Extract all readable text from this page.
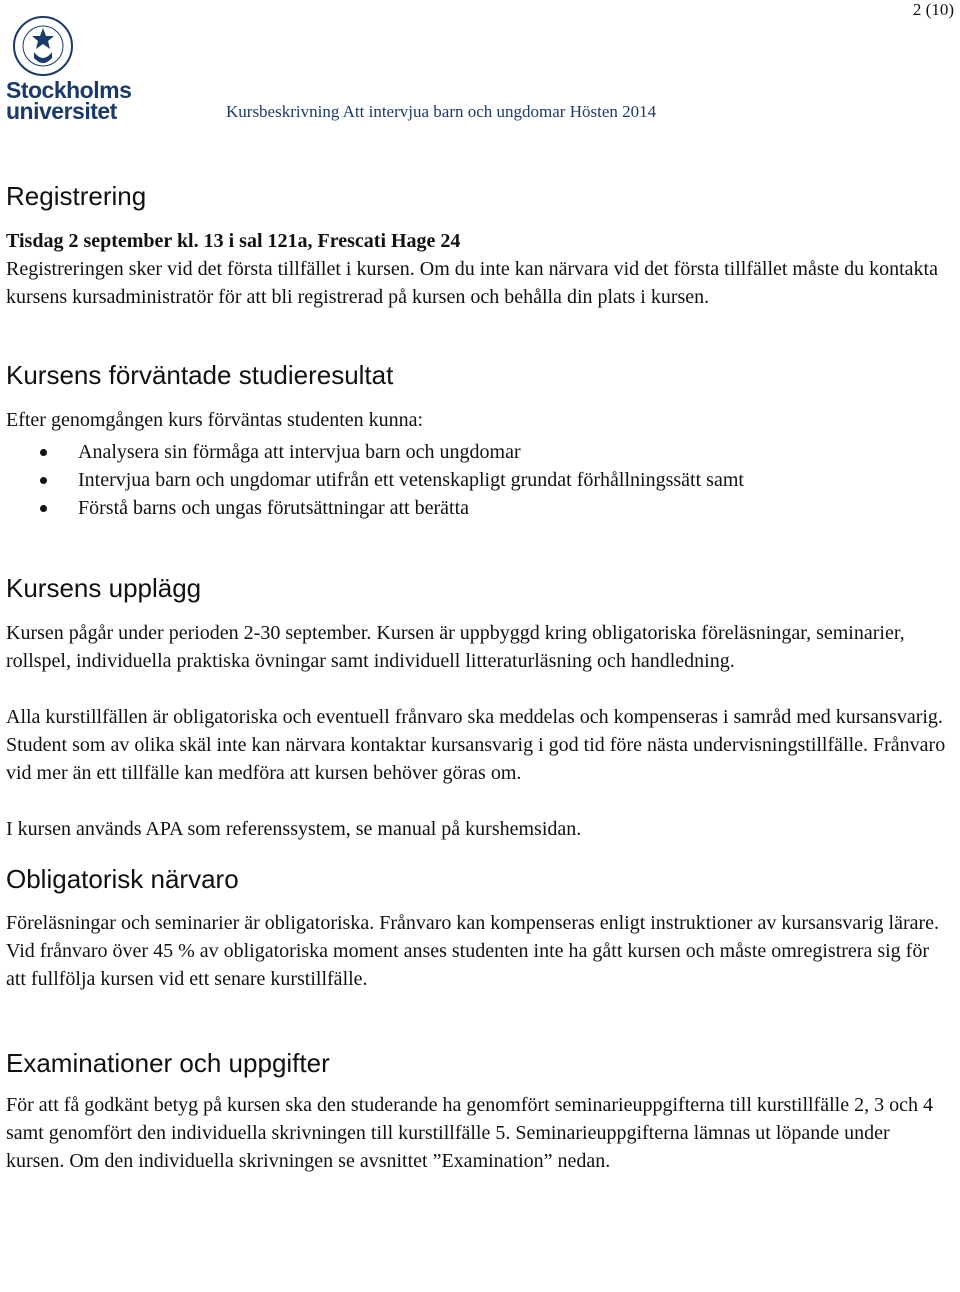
2 (10)
Stockholms
universitet	Kursbeskrivning Att intervjua barn och ungdomar Hösten 2014
Registrering

Tisdag 2 september kl. 13 i sal 121a, Frescati Hage 24

Registreringen sker vid det första tillfället i kursen. Om du inte kan närvara vid det första tillfället måste du kontakta kursens kursadministratör för att bli registrerad på kursen och behålla din plats i kursen.

Kursens förväntade studieresultat

Efter genomgången kurs förväntas studenten kunna:

Analysera sin förmåga att intervjua barn och ungdomar
Intervjua barn och ungdomar utifrån ett vetenskapligt grundat förhållningssätt samt
Förstå barns och ungas förutsättningar att berätta
Kursens upplägg

Kursen pågår under perioden 2-30 september. Kursen är uppbyggd kring obligatoriska föreläsningar, seminarier, rollspel, individuella praktiska övningar samt individuell litteraturläsning och handledning.

Alla kurstillfällen är obligatoriska och eventuell frånvaro ska meddelas och kompenseras i samråd med kursansvarig. Student som av olika skäl inte kan närvara kontaktar kursansvarig i god tid före nästa undervisningstillfälle. Frånvaro vid mer än ett tillfälle kan medföra att kursen behöver göras om.

I kursen används APA som referenssystem, se manual på kurshemsidan.

Obligatorisk närvaro

Föreläsningar och seminarier är obligatoriska. Frånvaro kan kompenseras enligt instruktioner av kursansvarig lärare. Vid frånvaro över 45 % av obligatoriska moment anses studenten inte ha gått kursen och måste omregistrera sig för att fullfölja kursen vid ett senare kurstillfälle.

Examinationer och uppgifter

För att få godkänt betyg på kursen ska den studerande ha genomfört seminarieuppgifterna till kurstillfälle 2, 3 och 4 samt genomfört den individuella skrivningen till kurstillfälle 5. Seminarieuppgifterna lämnas ut löpande under kursen. Om den individuella skrivningen se avsnittet ”Examination” nedan.
